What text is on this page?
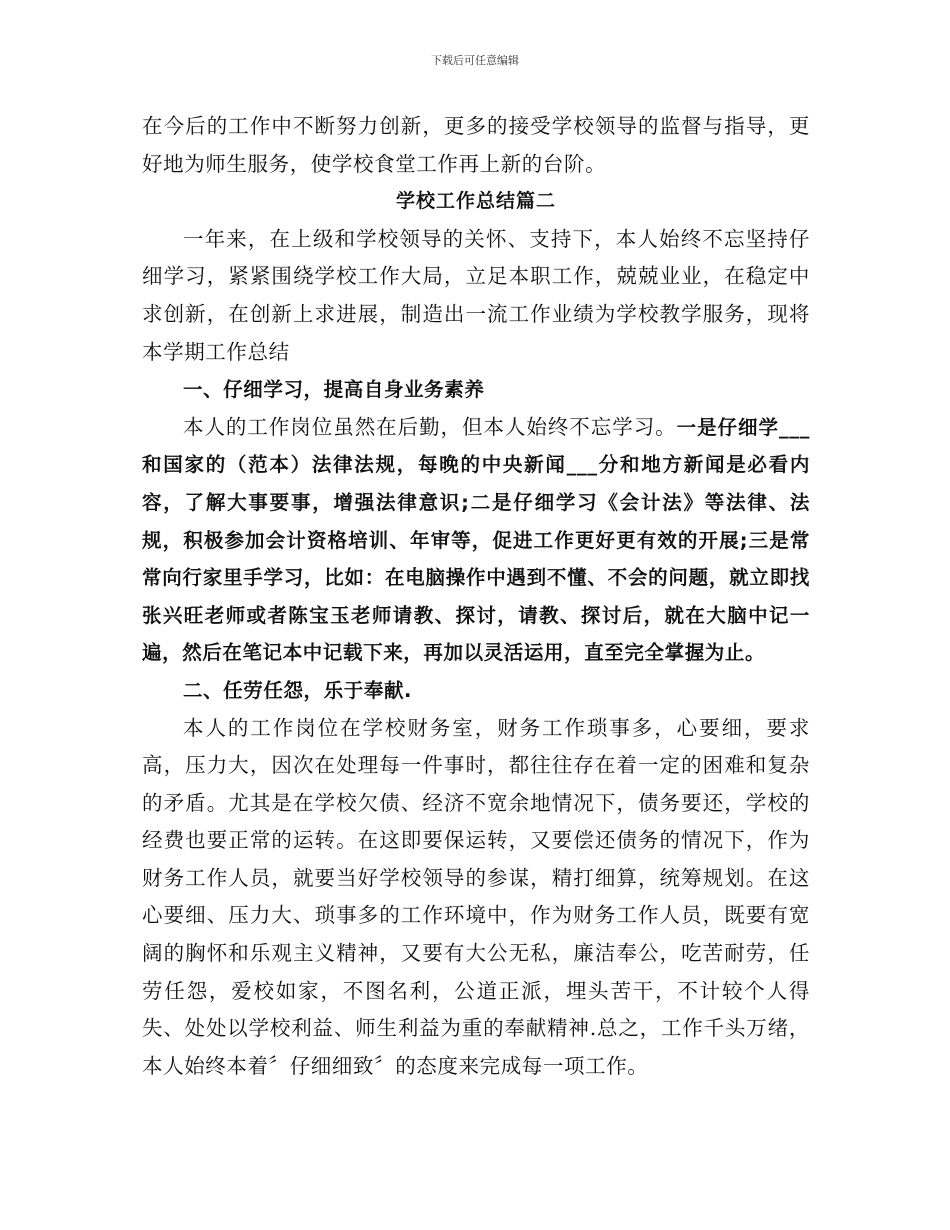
下载后可任意编辑

在今后的工作中不断努力创新，更多的接受学校领导的监督与指导，更好地为师生服务，使学校食堂工作再上新的台阶。

学校工作总结篇二

一年来，在上级和学校领导的关怀、支持下，本人始终不忘坚持仔细学习，紧紧围绕学校工作大局，立足本职工作，兢兢业业，在稳定中求创新，在创新上求进展，制造出一流工作业绩为学校教学服务，现将本学期工作总结

一、仔细学习，提高自身业务素养

本人的工作岗位虽然在后勤，但本人始终不忘学习。一是仔细学___和国家的（范本）法律法规，每晚的中央新闻___分和地方新闻是必看内容，了解大事要事，增强法律意识;二是仔细学习《会计法》等法律、法规，积极参加会计资格培训、年审等，促进工作更好更有效的开展;三是常常向行家里手学习，比如：在电脑操作中遇到不懂、不会的问题，就立即找张兴旺老师或者陈宝玉老师请教、探讨，请教、探讨后，就在大脑中记一遍，然后在笔记本中记载下来，再加以灵活运用，直至完全掌握为止。

二、任劳任怨，乐于奉献.

本人的工作岗位在学校财务室，财务工作琐事多，心要细，要求高，压力大，因次在处理每一件事时，都往往存在着一定的困难和复杂的矛盾。尤其是在学校欠债、经济不宽余地情况下，债务要还，学校的经费也要正常的运转。在这即要保运转，又要偿还债务的情况下，作为财务工作人员，就要当好学校领导的参谋，精打细算，统筹规划。在这心要细、压力大、琐事多的工作环境中，作为财务工作人员，既要有宽阔的胸怀和乐观主义精神，又要有大公无私，廉洁奉公，吃苦耐劳，任劳任怨，爱校如家，不图名利，公道正派，埋头苦干，不计较个人得失、处处以学校利益、师生利益为重的奉献精神.总之，工作千头万绪，本人始终本着〞仔细细致〞的态度来完成每一项工作。
